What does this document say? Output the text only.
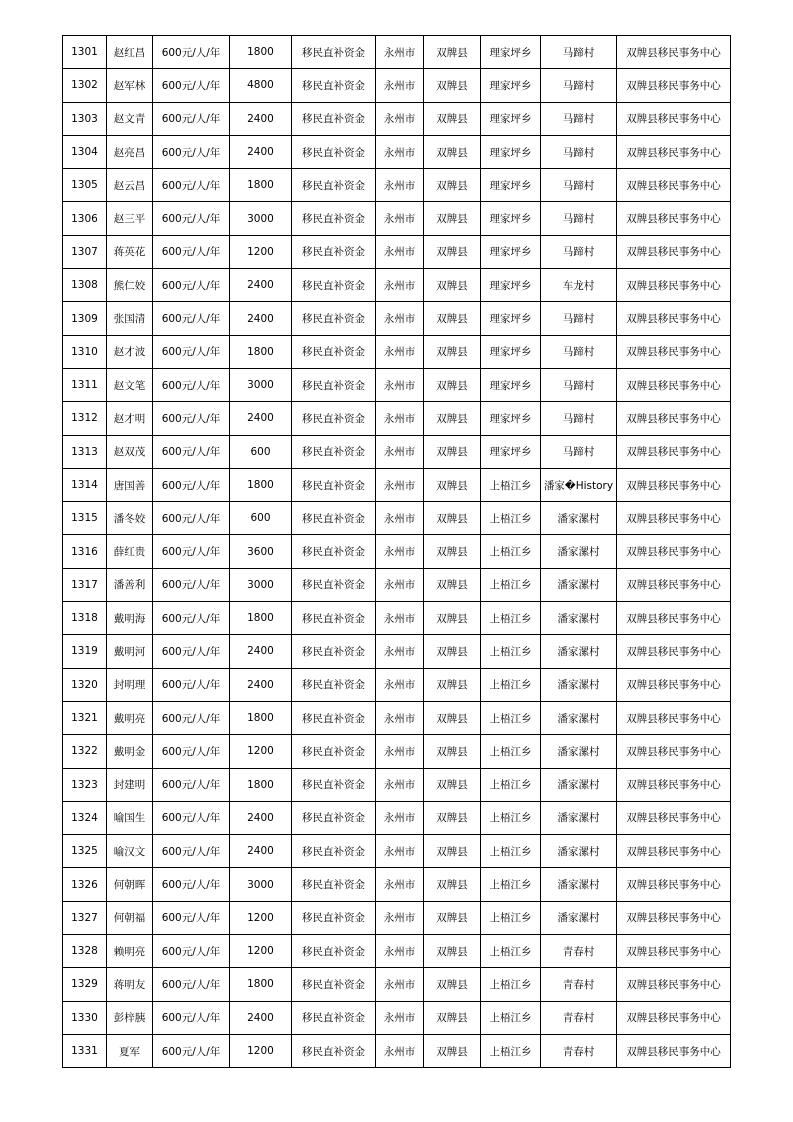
1301	赵红昌	600元/人/年	1800	移民直补资金	永州市	双牌县	理家坪乡	马蹄村	双牌县移民事务中心
1302	赵军林	600元/人/年	4800	移民直补资金	永州市	双牌县	理家坪乡	马蹄村	双牌县移民事务中心
1303	赵文青	600元/人/年	2400	移民直补资金	永州市	双牌县	理家坪乡	马蹄村	双牌县移民事务中心
1304	赵亮昌	600元/人/年	2400	移民直补资金	永州市	双牌县	理家坪乡	马蹄村	双牌县移民事务中心
1305	赵云昌	600元/人/年	1800	移民直补资金	永州市	双牌县	理家坪乡	马蹄村	双牌县移民事务中心
1306	赵三平	600元/人/年	3000	移民直补资金	永州市	双牌县	理家坪乡	马蹄村	双牌县移民事务中心
1307	蒋英花	600元/人/年	1200	移民直补资金	永州市	双牌县	理家坪乡	马蹄村	双牌县移民事务中心
1308	熊仁姣	600元/人/年	2400	移民直补资金	永州市	双牌县	理家坪乡	车龙村	双牌县移民事务中心
1309	张国清	600元/人/年	2400	移民直补资金	永州市	双牌县	理家坪乡	马蹄村	双牌县移民事务中心
1310	赵才波	600元/人/年	1800	移民直补资金	永州市	双牌县	理家坪乡	马蹄村	双牌县移民事务中心
1311	赵文笔	600元/人/年	3000	移民直补资金	永州市	双牌县	理家坪乡	马蹄村	双牌县移民事务中心
1312	赵才明	600元/人/年	2400	移民直补资金	永州市	双牌县	理家坪乡	马蹄村	双牌县移民事务中心
1313	赵双茂	600元/人/年	600	移民直补资金	永州市	双牌县	理家坪乡	马蹄村	双牌县移民事务中心
1314	唐国善	600元/人/年	1800	移民直补资金	永州市	双牌县	上梧江乡	潘家�History	双牌县移民事务中心
1315	潘冬姣	600元/人/年	600	移民直补资金	永州市	双牌县	上梧江乡	潘家漯村	双牌县移民事务中心
1316	薛红贵	600元/人/年	3600	移民直补资金	永州市	双牌县	上梧江乡	潘家漯村	双牌县移民事务中心
1317	潘善利	600元/人/年	3000	移民直补资金	永州市	双牌县	上梧江乡	潘家漯村	双牌县移民事务中心
1318	戴明海	600元/人/年	1800	移民直补资金	永州市	双牌县	上梧江乡	潘家漯村	双牌县移民事务中心
1319	戴明河	600元/人/年	2400	移民直补资金	永州市	双牌县	上梧江乡	潘家漯村	双牌县移民事务中心
1320	封明理	600元/人/年	2400	移民直补资金	永州市	双牌县	上梧江乡	潘家漯村	双牌县移民事务中心
1321	戴明亮	600元/人/年	1800	移民直补资金	永州市	双牌县	上梧江乡	潘家漯村	双牌县移民事务中心
1322	戴明金	600元/人/年	1200	移民直补资金	永州市	双牌县	上梧江乡	潘家漯村	双牌县移民事务中心
1323	封建明	600元/人/年	1800	移民直补资金	永州市	双牌县	上梧江乡	潘家漯村	双牌县移民事务中心
1324	喻国生	600元/人/年	2400	移民直补资金	永州市	双牌县	上梧江乡	潘家漯村	双牌县移民事务中心
1325	喻汉文	600元/人/年	2400	移民直补资金	永州市	双牌县	上梧江乡	潘家漯村	双牌县移民事务中心
1326	何朝晖	600元/人/年	3000	移民直补资金	永州市	双牌县	上梧江乡	潘家漯村	双牌县移民事务中心
1327	何朝福	600元/人/年	1200	移民直补资金	永州市	双牌县	上梧江乡	潘家漯村	双牌县移民事务中心
1328	赖明亮	600元/人/年	1200	移民直补资金	永州市	双牌县	上梧江乡	青春村	双牌县移民事务中心
1329	蒋明友	600元/人/年	1800	移民直补资金	永州市	双牌县	上梧江乡	青春村	双牌县移民事务中心
1330	彭梓胰	600元/人/年	2400	移民直补资金	永州市	双牌县	上梧江乡	青春村	双牌县移民事务中心
1331	夏军	600元/人/年	1200	移民直补资金	永州市	双牌县	上梧江乡	青春村	双牌县移民事务中心
